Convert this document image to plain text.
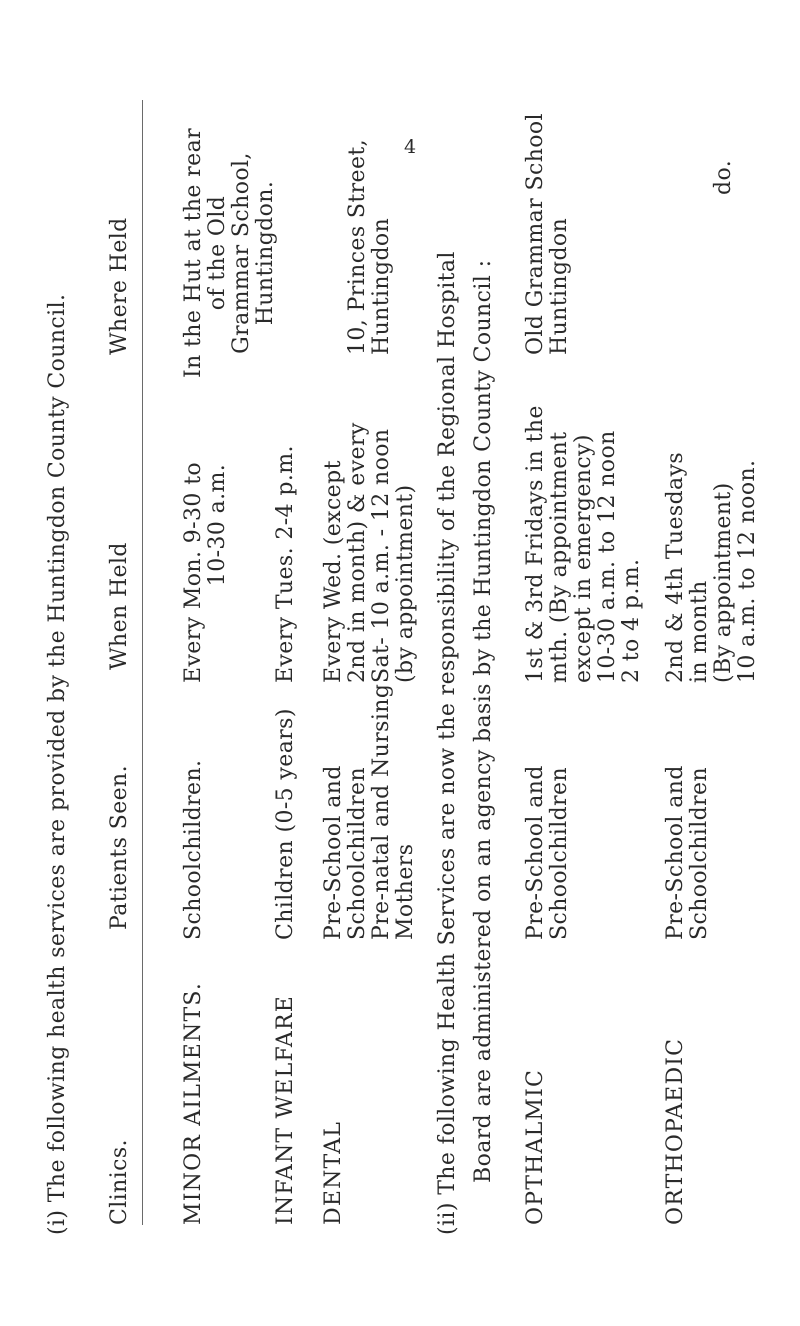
4
(i) The following health services are provided by the Huntingdon County Council. Clinics.
Patients Seen.
When Held
Where Held
MINOR AILMENTS.
Schoolchildren.
Every Mon. 9-30 to 10-30 a.m.
In the Hut at the rear of the Old Grammar School, Huntingdon.
INFANT WELFARE
Children (0-5 years)
Every Tues. 2-4 p.m.
DENTAL
Pre-School and Schoolchildren Pre-natal and Nursing Mothers
Every Wed. (except 2nd in month) & every Sat- 10 a.m. - 12 noon (by appointment)
10, Princes Street, Huntingdon (ii) The following Health Services are now the responsibility of the Regional Hospital Board are administered on an agency basis by the Huntingdon County Council : OPTHALMIC
Pre-School and Schoolchildren
1st & 3rd Fridays in the mth. (By appointment except in emergency) 10-30 a.m. to 12 noon 2 to 4 p.m.
Old Grammar School Huntingdon
ORTHOPAEDIC
Pre-School and Schoolchildren
2nd & 4th Tuesdays in month (By appointment) 10 a.m. to 12 noon.
do.
